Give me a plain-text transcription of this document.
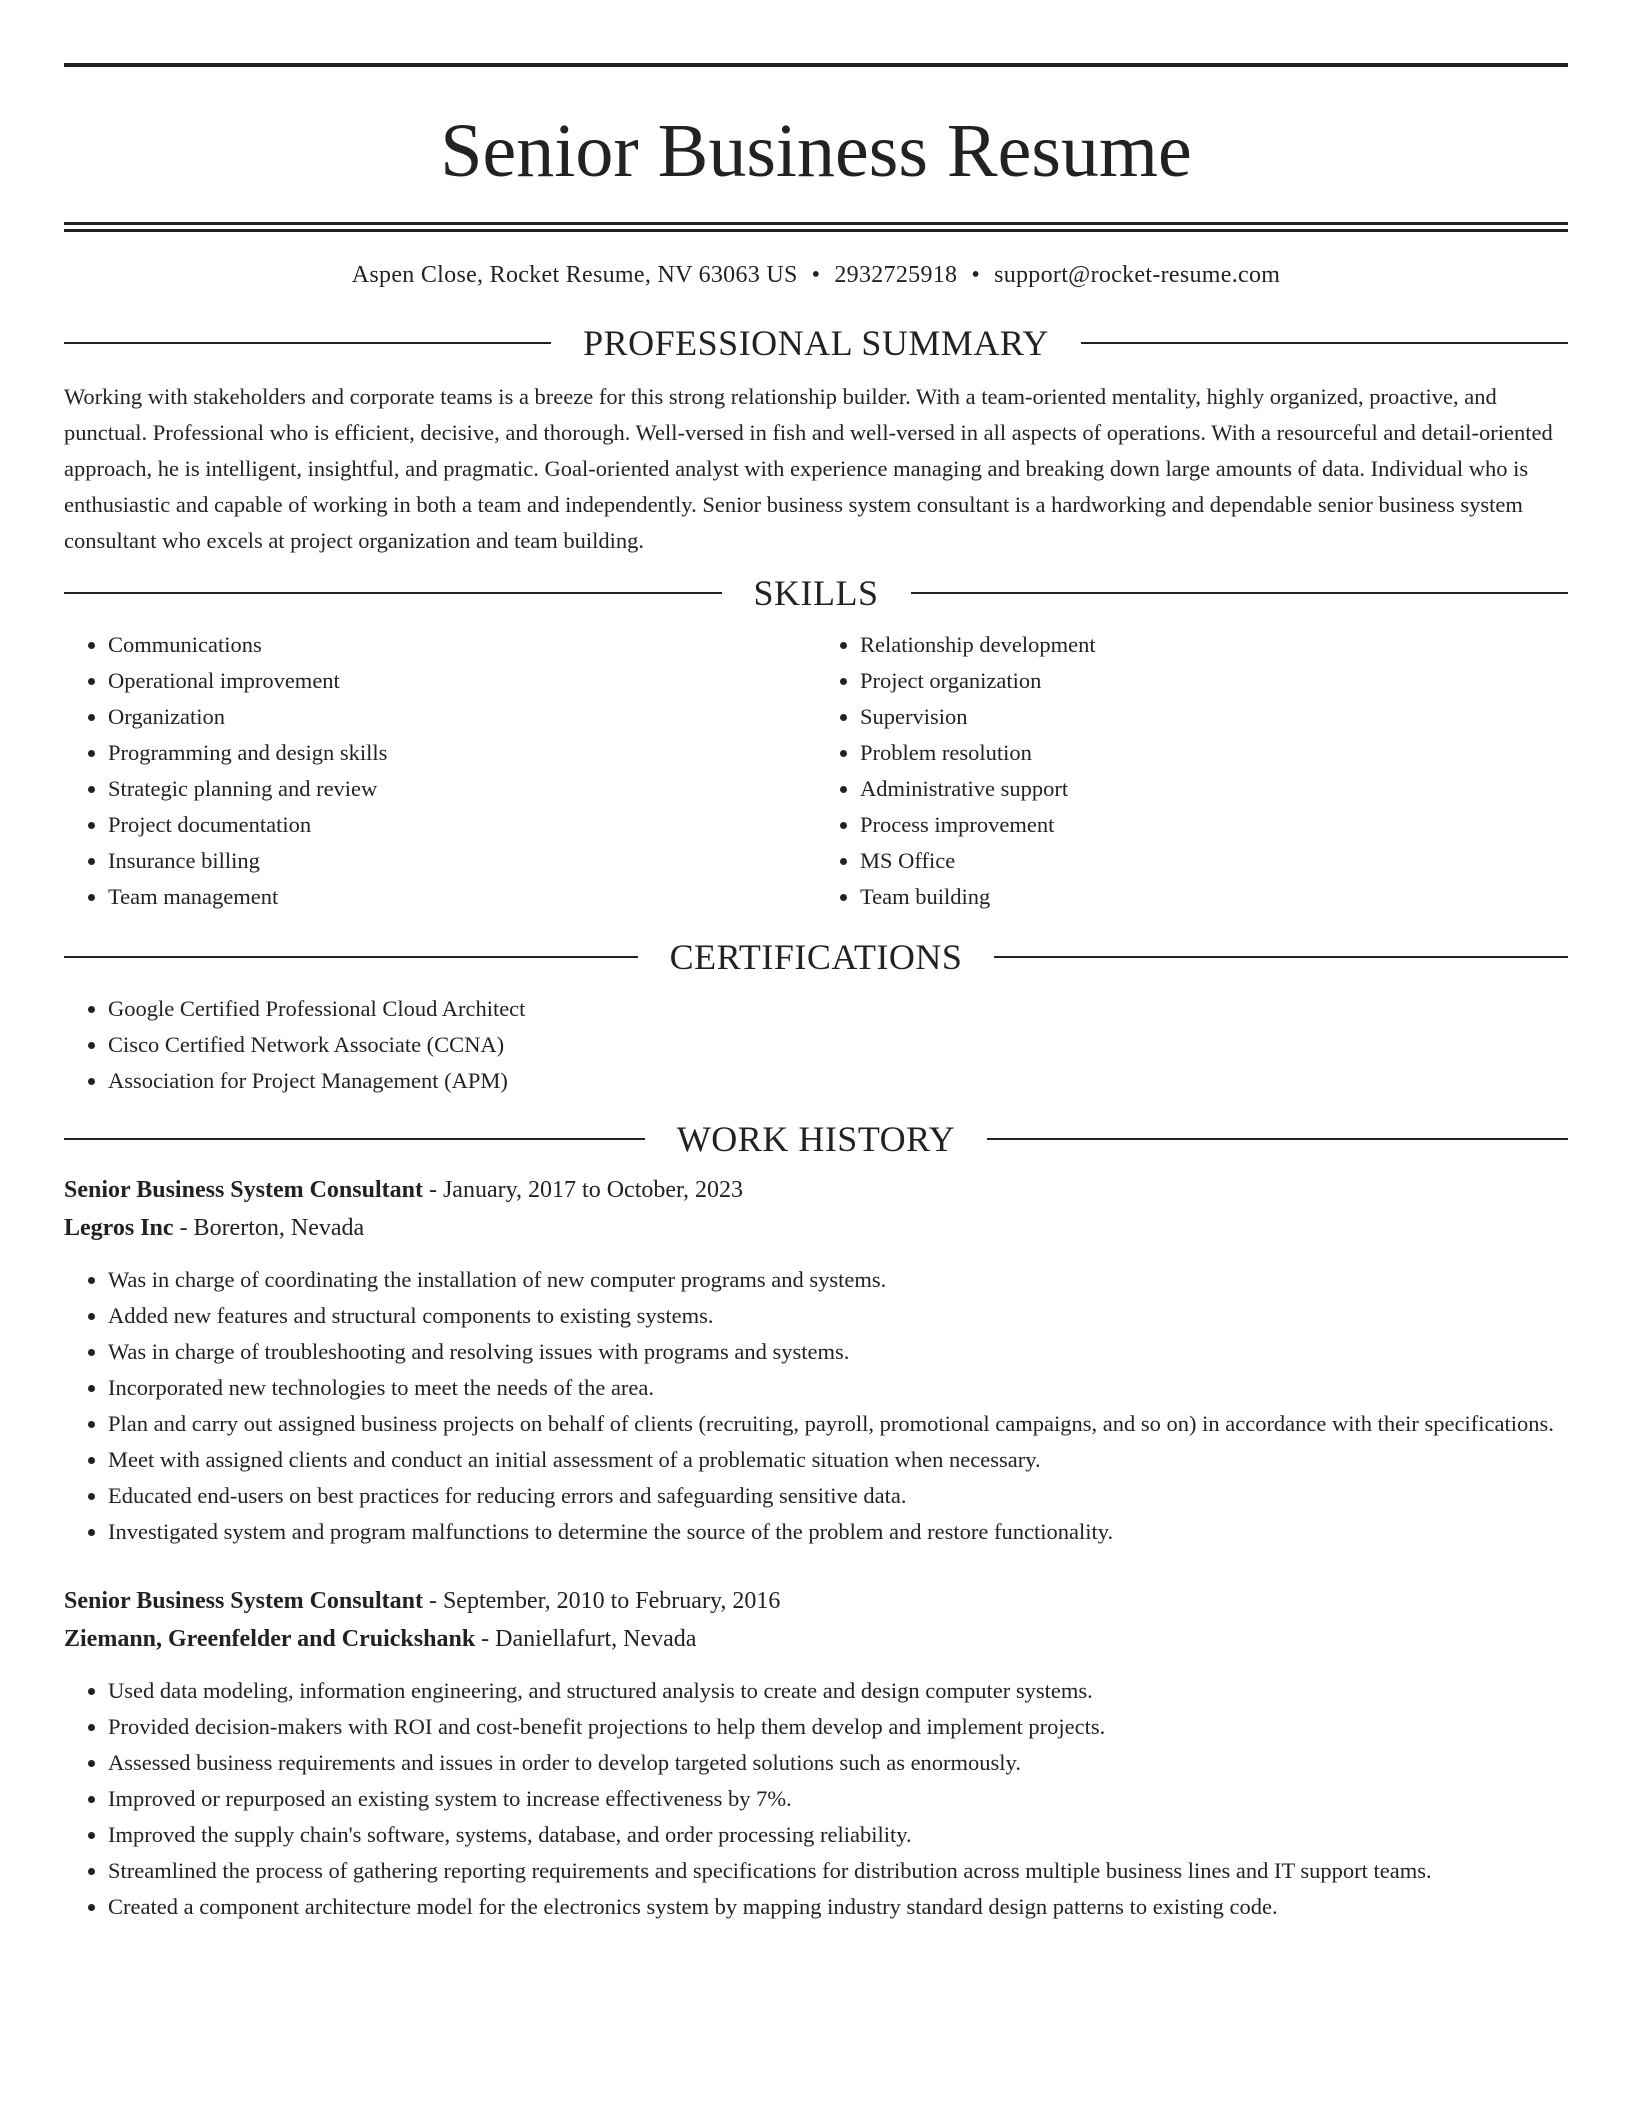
Senior Business Resume
Aspen Close, Rocket Resume, NV 63063 US • 2932725918 • support@rocket-resume.com
PROFESSIONAL SUMMARY

Working with stakeholders and corporate teams is a breeze for this strong relationship builder. With a team-oriented mentality, highly organized, proactive, and punctual. Professional who is efficient, decisive, and thorough. Well-versed in fish and well-versed in all aspects of operations. With a resourceful and detail-oriented approach, he is intelligent, insightful, and pragmatic. Goal-oriented analyst with experience managing and breaking down large amounts of data. Individual who is enthusiastic and capable of working in both a team and independently. Senior business system consultant is a hardworking and dependable senior business system consultant who excels at project organization and team building.

SKILLS
• Communications
• Operational improvement
• Organization
• Programming and design skills
• Strategic planning and review
• Project documentation
• Insurance billing
• Team management
• Relationship development
• Project organization
• Supervision
• Problem resolution
• Administrative support
• Process improvement
• MS Office
• Team building
CERTIFICATIONS
• Google Certified Professional Cloud Architect
• Cisco Certified Network Associate (CCNA)
• Association for Project Management (APM)
WORK HISTORY
Senior Business System Consultant - January, 2017 to October, 2023
Legros Inc - Borerton, Nevada
• Was in charge of coordinating the installation of new computer programs and systems.
• Added new features and structural components to existing systems.
• Was in charge of troubleshooting and resolving issues with programs and systems.
• Incorporated new technologies to meet the needs of the area.
• Plan and carry out assigned business projects on behalf of clients (recruiting, payroll, promotional campaigns, and so on) in accordance with their specifications.
• Meet with assigned clients and conduct an initial assessment of a problematic situation when necessary.
• Educated end-users on best practices for reducing errors and safeguarding sensitive data.
• Investigated system and program malfunctions to determine the source of the problem and restore functionality.
Senior Business System Consultant - September, 2010 to February, 2016
Ziemann, Greenfelder and Cruickshank - Daniellafurt, Nevada
• Used data modeling, information engineering, and structured analysis to create and design computer systems.
• Provided decision-makers with ROI and cost-benefit projections to help them develop and implement projects.
• Assessed business requirements and issues in order to develop targeted solutions such as enormously.
• Improved or repurposed an existing system to increase effectiveness by 7%.
• Improved the supply chain's software, systems, database, and order processing reliability.
• Streamlined the process of gathering reporting requirements and specifications for distribution across multiple business lines and IT support teams.
• Created a component architecture model for the electronics system by mapping industry standard design patterns to existing code.
